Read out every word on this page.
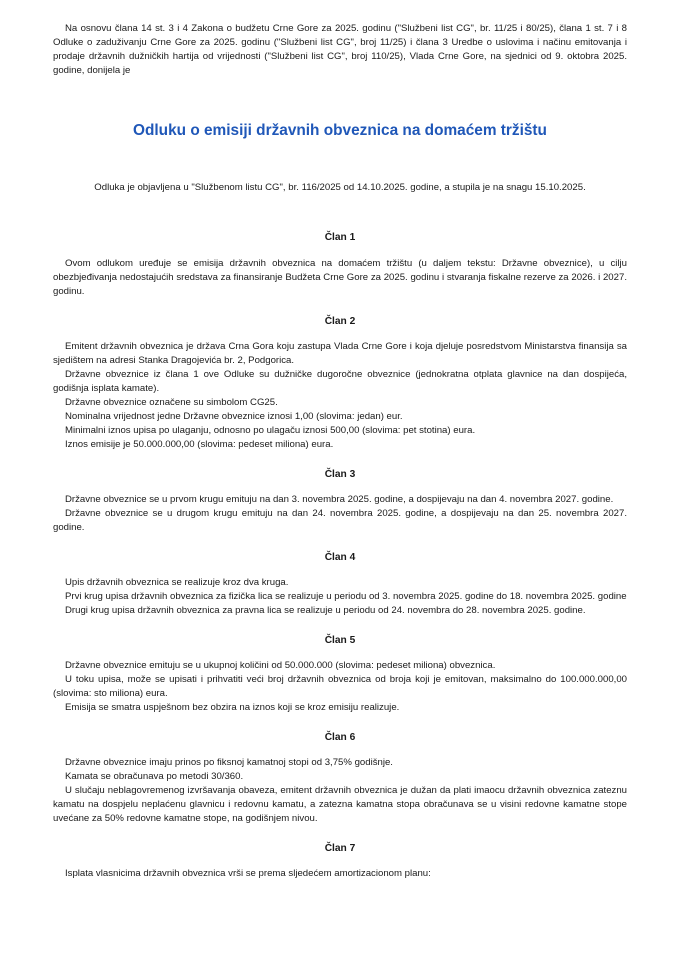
Na osnovu člana 14 st. 3 i 4 Zakona o budžetu Crne Gore za 2025. godinu ("Službeni list CG", br. 11/25 i 80/25), člana 1 st. 7 i 8 Odluke o zaduživanju Crne Gore za 2025. godinu ("Službeni list CG", broj 11/25) i člana 3 Uredbe o uslovima i načinu emitovanja i prodaje državnih dužničkih hartija od vrijednosti ("Službeni list CG", broj 110/25), Vlada Crne Gore, na sjednici od 9. oktobra 2025. godine, donijela je

Odluku o emisiji državnih obveznica na domaćem tržištu

Odluka je objavljena u "Službenom listu CG", br. 116/2025 od 14.10.2025. godine, a stupila je na snagu 15.10.2025.

Član 1

Ovom odlukom uređuje se emisija državnih obveznica na domaćem tržištu (u daljem tekstu: Državne obveznice), u cilju obezbjeđivanja nedostajućih sredstava za finansiranje Budžeta Crne Gore za 2025. godinu i stvaranja fiskalne rezerve za 2026. i 2027. godinu.

Član 2

Emitent državnih obveznica je država Crna Gora koju zastupa Vlada Crne Gore i koja djeluje posredstvom Ministarstva finansija sa sjedištem na adresi Stanka Dragojevića br. 2, Podgorica.

Državne obveznice iz člana 1 ove Odluke su dužničke dugoročne obveznice (jednokratna otplata glavnice na dan dospijeća, godišnja isplata kamate).

Državne obveznice označene su simbolom CG25.

Nominalna vrijednost jedne Državne obveznice iznosi 1,00 (slovima: jedan) eur.

Minimalni iznos upisa po ulaganju, odnosno po ulagaču iznosi 500,00 (slovima: pet stotina) eura.

Iznos emisije je 50.000.000,00 (slovima: pedeset miliona) eura.

Član 3

Državne obveznice se u prvom krugu emituju na dan 3. novembra 2025. godine, a dospijevaju na dan 4. novembra 2027. godine.

Državne obveznice se u drugom krugu emituju na dan 24. novembra 2025. godine, a dospijevaju na dan 25. novembra 2027. godine.

Član 4

Upis državnih obveznica se realizuje kroz dva kruga.

Prvi krug upisa državnih obveznica za fizička lica se realizuje u periodu od 3. novembra 2025. godine do 18. novembra 2025. godine

Drugi krug upisa državnih obveznica za pravna lica se realizuje u periodu od 24. novembra do 28. novembra 2025. godine.

Član 5

Državne obveznice emituju se u ukupnoj količini od 50.000.000 (slovima: pedeset miliona) obveznica.

U toku upisa, može se upisati i prihvatiti veći broj državnih obveznica od broja koji je emitovan, maksimalno do 100.000.000,00 (slovima: sto miliona) eura.

Emisija se smatra uspješnom bez obzira na iznos koji se kroz emisiju realizuje.

Član 6

Državne obveznice imaju prinos po fiksnoj kamatnoj stopi od 3,75% godišnje.

Kamata se obračunava po metodi 30/360.

U slučaju neblagovremenog izvršavanja obaveza, emitent državnih obveznica je dužan da plati imaocu državnih obveznica zateznu kamatu na dospjelu neplaćenu glavnicu i redovnu kamatu, a zatezna kamatna stopa obračunava se u visini redovne kamatne stope uvećane za 50% redovne kamatne stope, na godišnjem nivou.

Član 7

Isplata vlasnicima državnih obveznica vrši se prema sljedećem amortizacionom planu:
